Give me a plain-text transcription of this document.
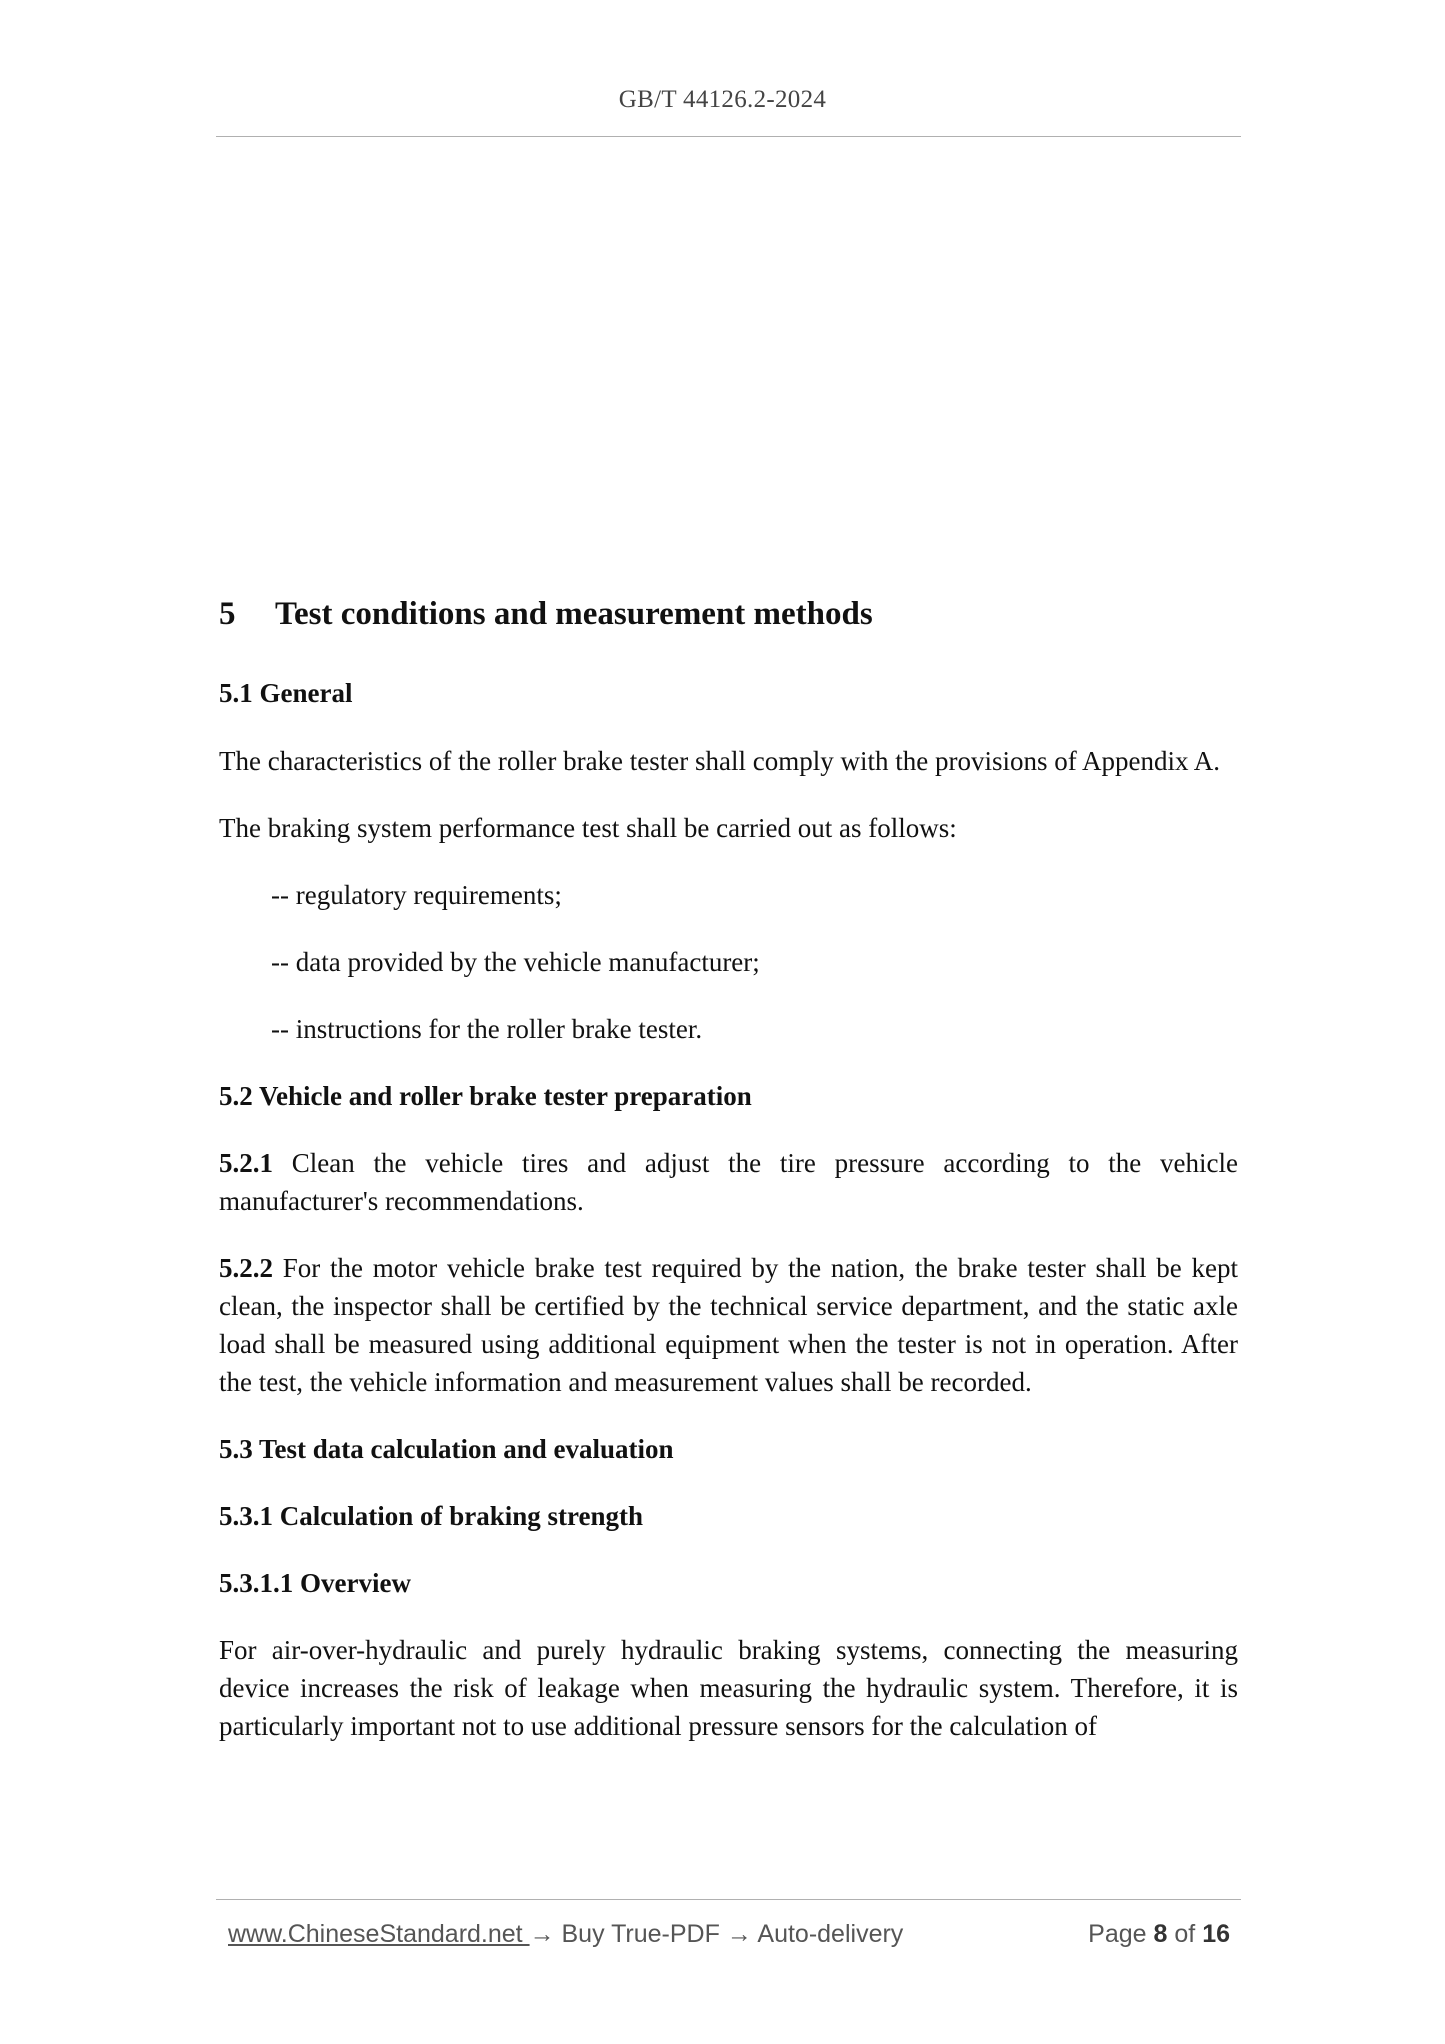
GB/T 44126.2-2024
5 Test conditions and measurement methods
5.1 General

The characteristics of the roller brake tester shall comply with the provisions of Appendix A.

The braking system performance test shall be carried out as follows:

-- regulatory requirements;

-- data provided by the vehicle manufacturer;

-- instructions for the roller brake tester.

5.2 Vehicle and roller brake tester preparation

5.2.1 Clean the vehicle tires and adjust the tire pressure according to the vehicle manufacturer's recommendations.

5.2.2 For the motor vehicle brake test required by the nation, the brake tester shall be kept clean, the inspector shall be certified by the technical service department, and the static axle load shall be measured using additional equipment when the tester is not in operation. After the test, the vehicle information and measurement values shall be recorded.

5.3 Test data calculation and evaluation
5.3.1 Calculation of braking strength
5.3.1.1 Overview

For air-over-hydraulic and purely hydraulic braking systems, connecting the measuring device increases the risk of leakage when measuring the hydraulic system. Therefore, it is particularly important not to use additional pressure sensors for the calculation of

www.ChineseStandard.net → Buy True-PDF → Auto-delivery	Page 8 of 16
